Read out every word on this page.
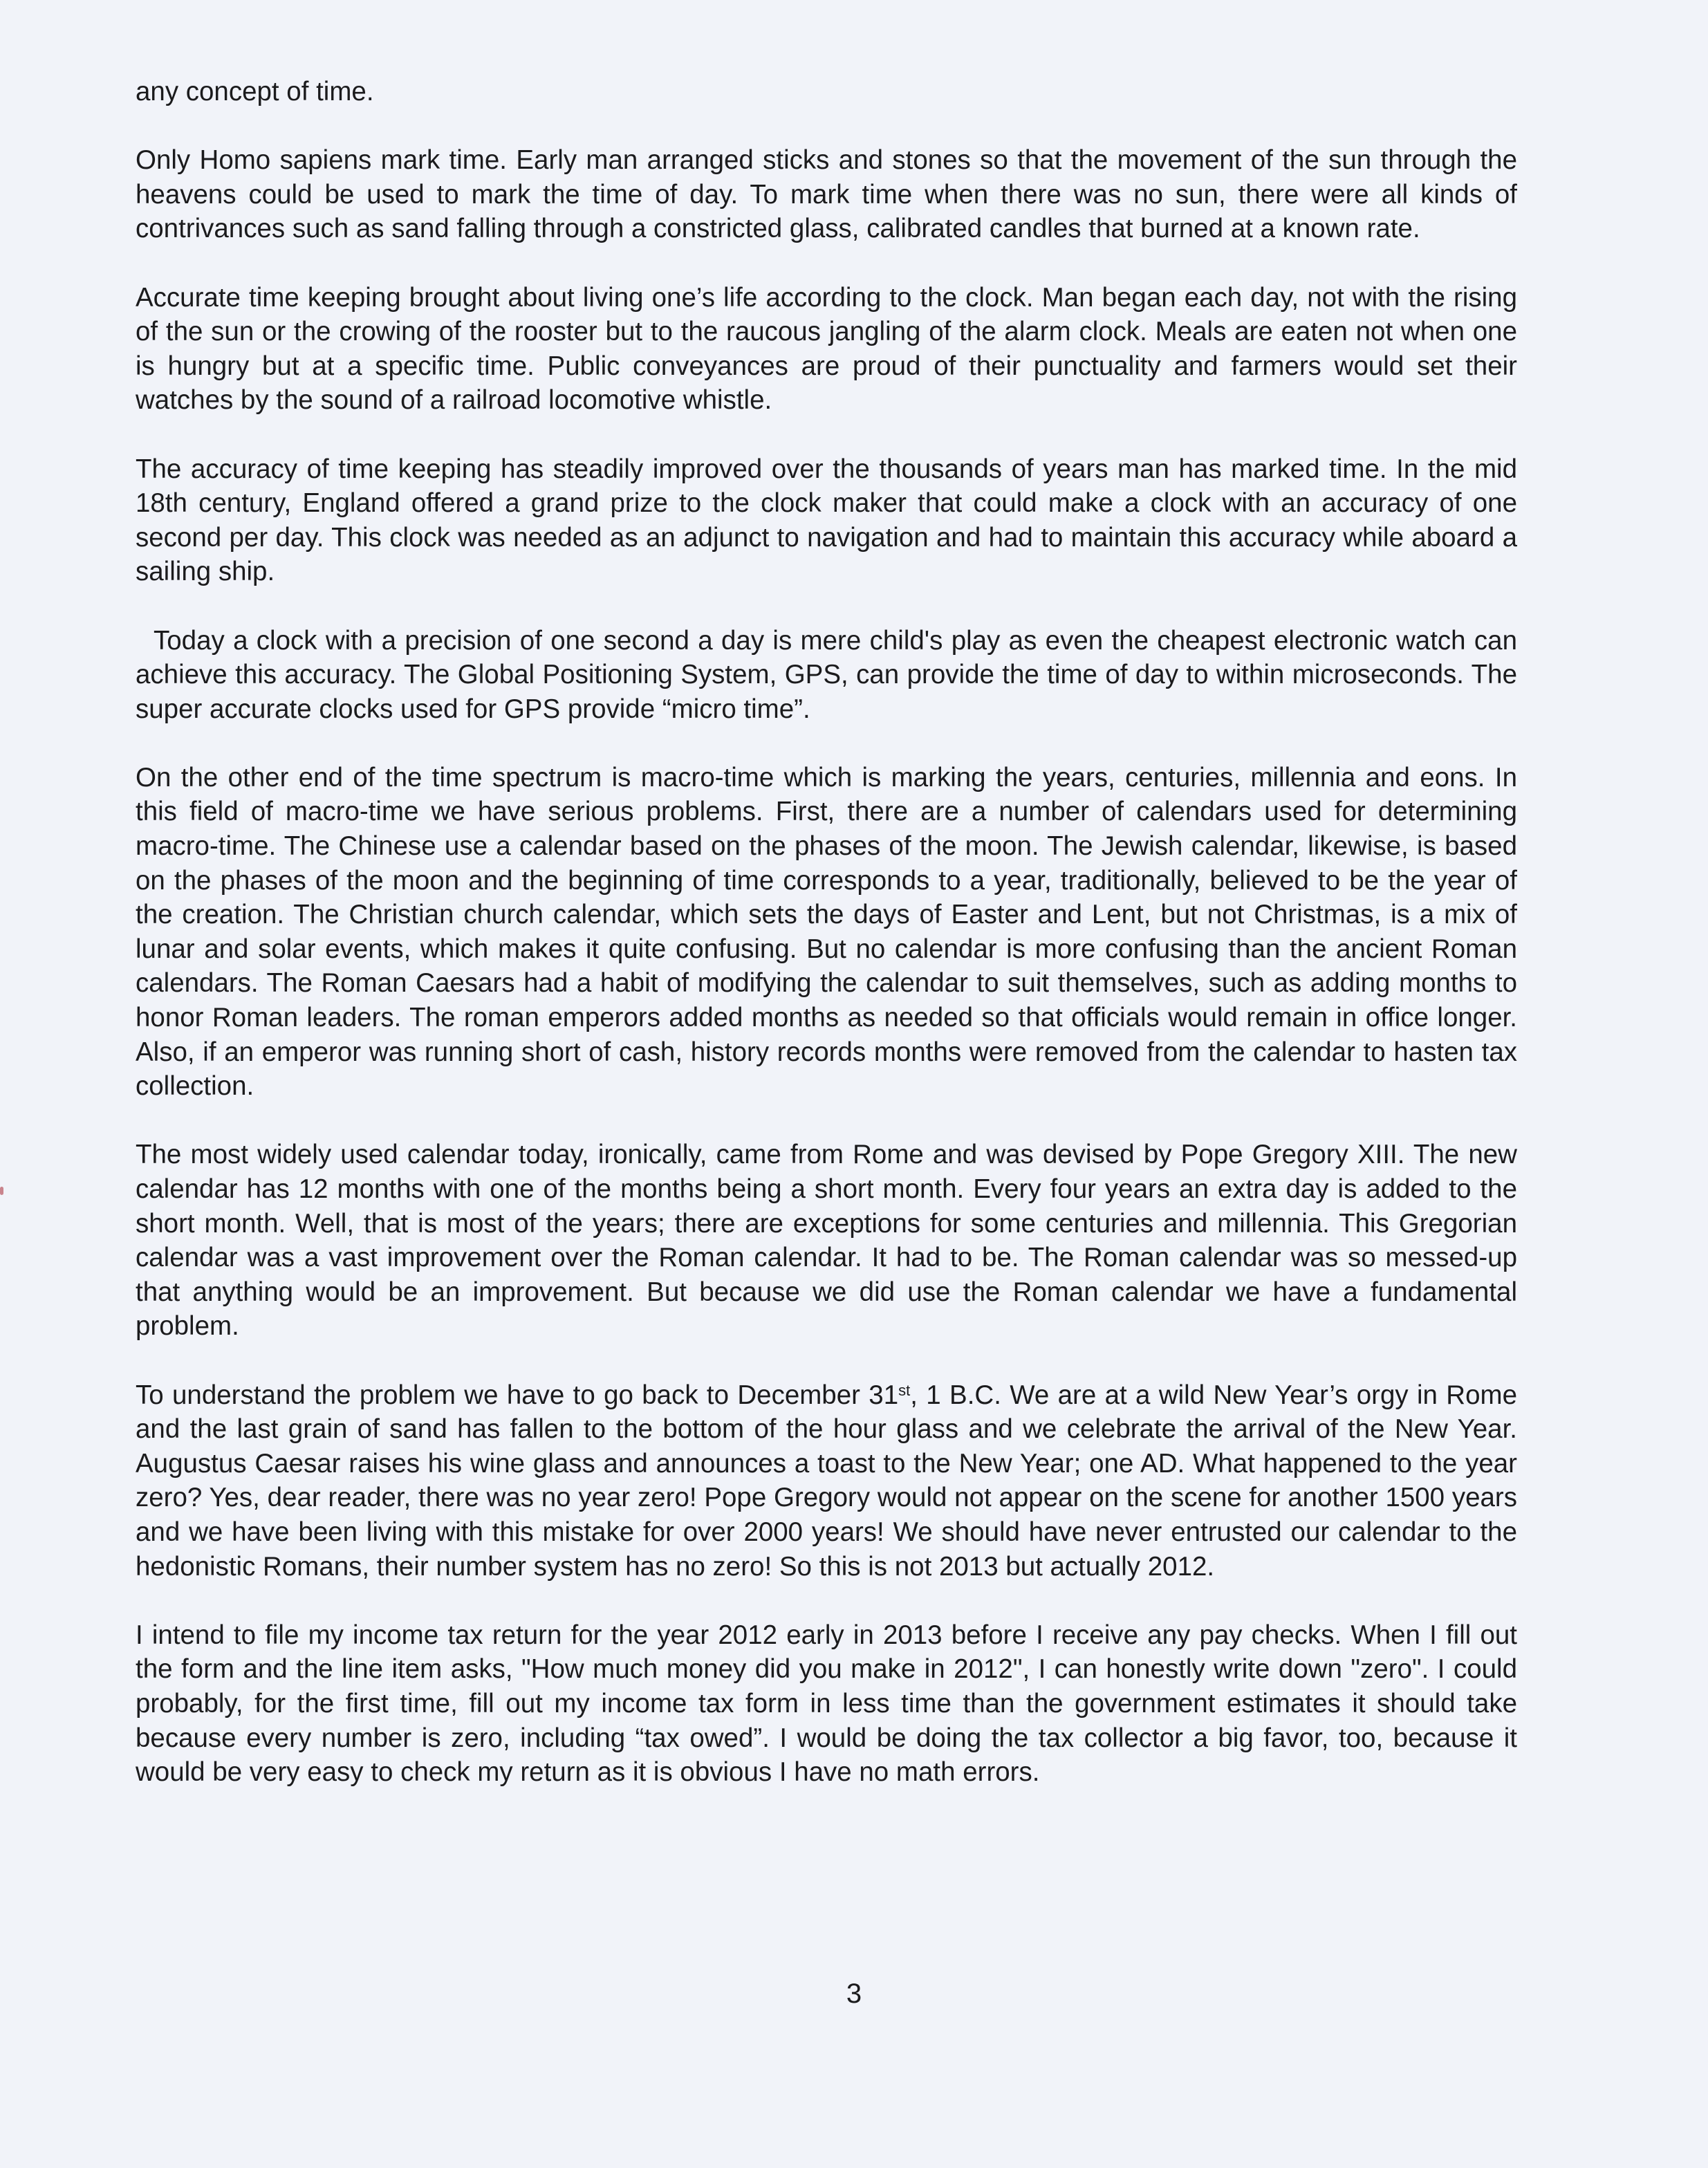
any concept of time.

Only Homo sapiens mark time. Early man arranged sticks and stones so that the movement of the sun through the heavens could be used to mark the time of day. To mark time when there was no sun, there were all kinds of contrivances such as sand falling through a constricted glass, calibrated candles that burned at a known rate.

Accurate time keeping brought about living one’s life according to the clock. Man began each day, not with the rising of the sun or the crowing of the rooster but to the raucous jangling of the alarm clock. Meals are eaten not when one is hungry but at a specific time. Public conveyances are proud of their punctuality and farmers would set their watches by the sound of a railroad locomotive whistle.

The accuracy of time keeping has steadily improved over the thousands of years man has marked time. In the mid 18th century, England offered a grand prize to the clock maker that could make a clock with an accuracy of one second per day. This clock was needed as an adjunct to navigation and had to maintain this accuracy while aboard a sailing ship.

Today a clock with a precision of one second a day is mere child's play as even the cheapest electronic watch can achieve this accuracy. The Global Positioning System, GPS, can provide the time of day to within microseconds. The super accurate clocks used for GPS provide “micro time”.

On the other end of the time spectrum is macro-time which is marking the years, centuries, millennia and eons. In this field of macro-time we have serious problems. First, there are a number of calendars used for determining macro-time. The Chinese use a calendar based on the phases of the moon. The Jewish calendar, likewise, is based on the phases of the moon and the beginning of time corresponds to a year, traditionally, believed to be the year of the creation. The Christian church calendar, which sets the days of Easter and Lent, but not Christmas, is a mix of lunar and solar events, which makes it quite confusing. But no calendar is more confusing than the ancient Roman calendars. The Roman Caesars had a habit of modifying the calendar to suit themselves, such as adding months to honor Roman leaders. The roman emperors added months as needed so that officials would remain in office longer. Also, if an emperor was running short of cash, history records months were removed from the calendar to hasten tax collection.

The most widely used calendar today, ironically, came from Rome and was devised by Pope Gregory XIII. The new calendar has 12 months with one of the months being a short month. Every four years an extra day is added to the short month. Well, that is most of the years; there are exceptions for some centuries and millennia. This Gregorian calendar was a vast improvement over the Roman calendar. It had to be. The Roman calendar was so messed-up that anything would be an improvement. But because we did use the Roman calendar we have a fundamental problem.

To understand the problem we have to go back to December 31st, 1 B.C. We are at a wild New Year’s orgy in Rome and the last grain of sand has fallen to the bottom of the hour glass and we celebrate the arrival of the New Year. Augustus Caesar raises his wine glass and announces a toast to the New Year; one AD. What happened to the year zero? Yes, dear reader, there was no year zero! Pope Gregory would not appear on the scene for another 1500 years and we have been living with this mistake for over 2000 years! We should have never entrusted our calendar to the hedonistic Romans, their number system has no zero! So this is not 2013 but actually 2012.

I intend to file my income tax return for the year 2012 early in 2013 before I receive any pay checks. When I fill out the form and the line item asks, "How much money did you make in 2012", I can honestly write down "zero". I could probably, for the first time, fill out my income tax form in less time than the government estimates it should take because every number is zero, including “tax owed”. I would be doing the tax collector a big favor, too, because it would be very easy to check my return as it is obvious I have no math errors.

3
